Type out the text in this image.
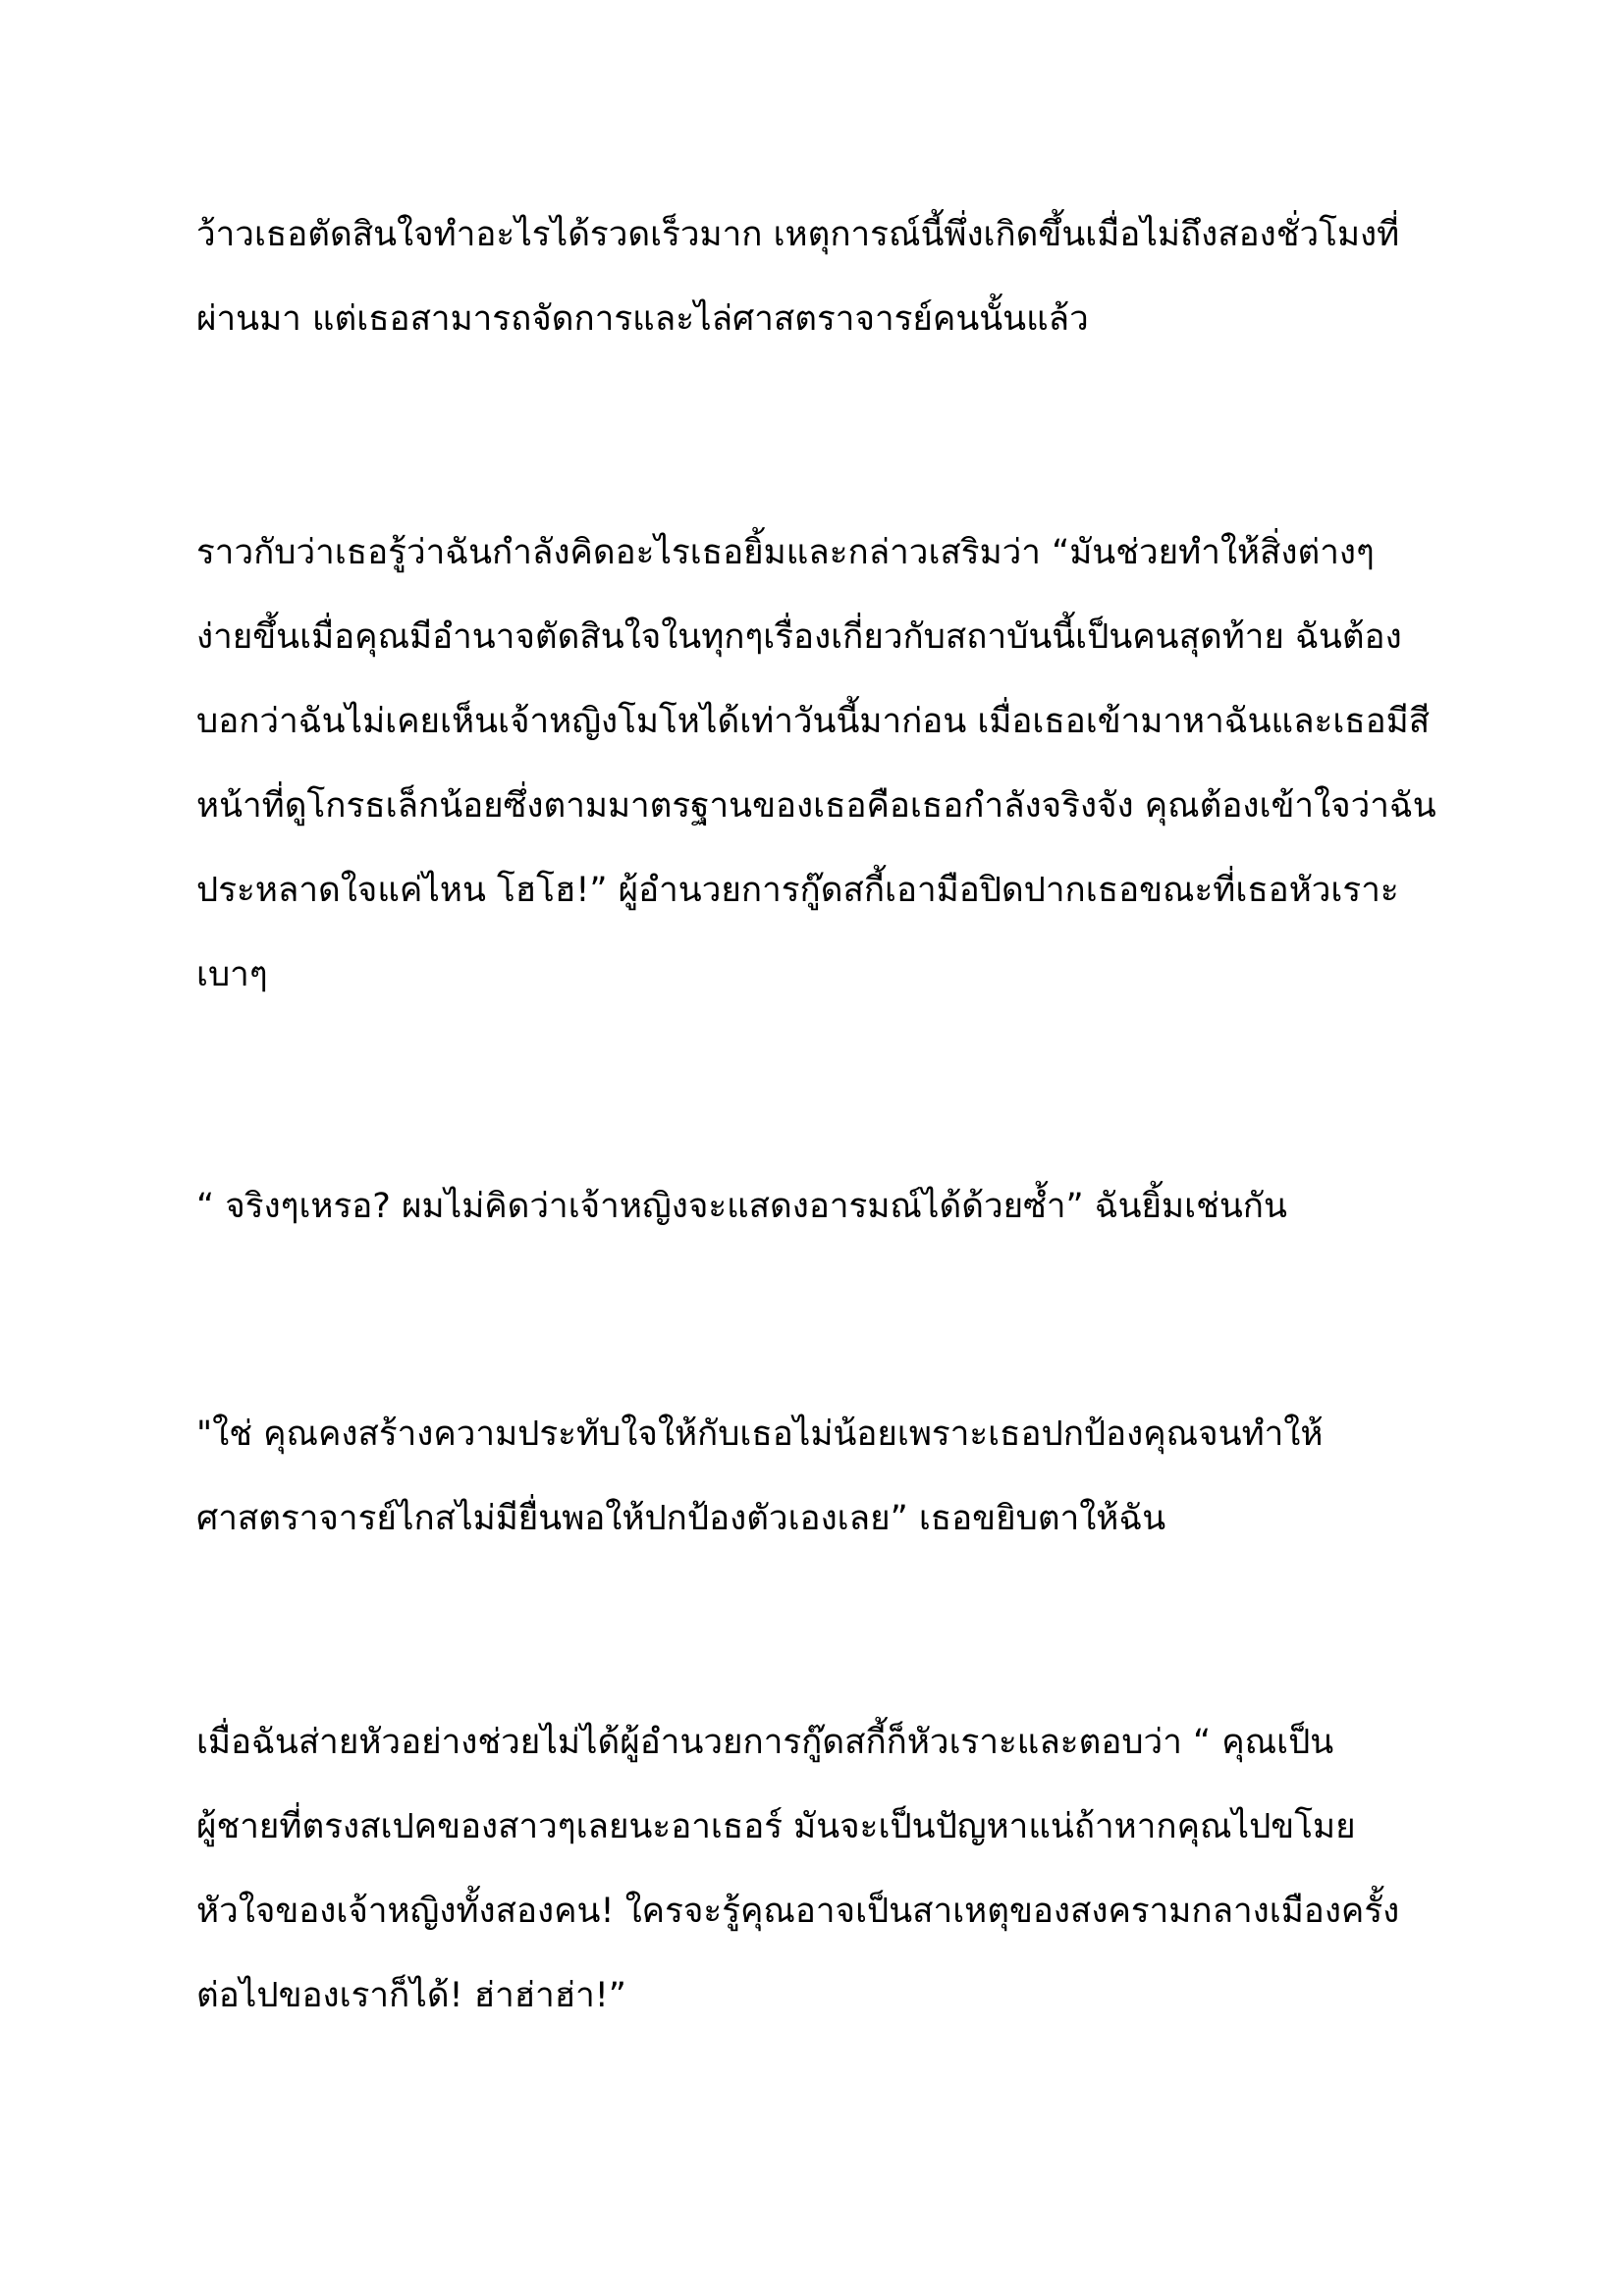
ว้าวเธอตัดสินใจทำอะไรได้รวดเร็วมาก เหตุการณ์นี้พึ่งเกิดขึ้นเมื่อไม่ถึงสองชั่วโมงที่
ผ่านมา แต่เธอสามารถจัดการและไล่ศาสตราจารย์คนนั้นแล้ว

ราวกับว่าเธอรู้ว่าฉันกำลังคิดอะไรเธอยิ้มและกล่าวเสริมว่า “มันช่วยทำให้สิ่งต่างๆ
ง่ายขึ้นเมื่อคุณมีอำนาจตัดสินใจในทุกๆเรื่องเกี่ยวกับสถาบันนี้เป็นคนสุดท้าย ฉันต้อง
บอกว่าฉันไม่เคยเห็นเจ้าหญิงโมโหได้เท่าวันนี้มาก่อน เมื่อเธอเข้ามาหาฉันและเธอมีสี
หน้าที่ดูโกรธเล็กน้อยซึ่งตามมาตรฐานของเธอคือเธอกำลังจริงจัง คุณต้องเข้าใจว่าฉัน
ประหลาดใจแค่ไหน โฮโฮ!” ผู้อำนวยการกู๊ดสกี้เอามือปิดปากเธอขณะที่เธอหัวเราะ
เบาๆ

“ จริงๆเหรอ? ผมไม่คิดว่าเจ้าหญิงจะแสดงอารมณ์ได้ด้วยซ้ำ” ฉันยิ้มเช่นกัน

"ใช่ คุณคงสร้างความประทับใจให้กับเธอไม่น้อยเพราะเธอปกป้องคุณจนทำให้
ศาสตราจารย์ไกสไม่มียื่นพอให้ปกป้องตัวเองเลย” เธอขยิบตาให้ฉัน

เมื่อฉันส่ายหัวอย่างช่วยไม่ได้ผู้อำนวยการกู๊ดสกี้ก็หัวเราะและตอบว่า “ คุณเป็น
ผู้ชายที่ตรงสเปคของสาวๆเลยนะอาเธอร์ มันจะเป็นปัญหาแน่ถ้าหากคุณไปขโมย
หัวใจของเจ้าหญิงทั้งสองคน! ใครจะรู้คุณอาจเป็นสาเหตุของสงครามกลางเมืองครั้ง
ต่อไปของเราก็ได้! ฮ่าฮ่าฮ่า!”
